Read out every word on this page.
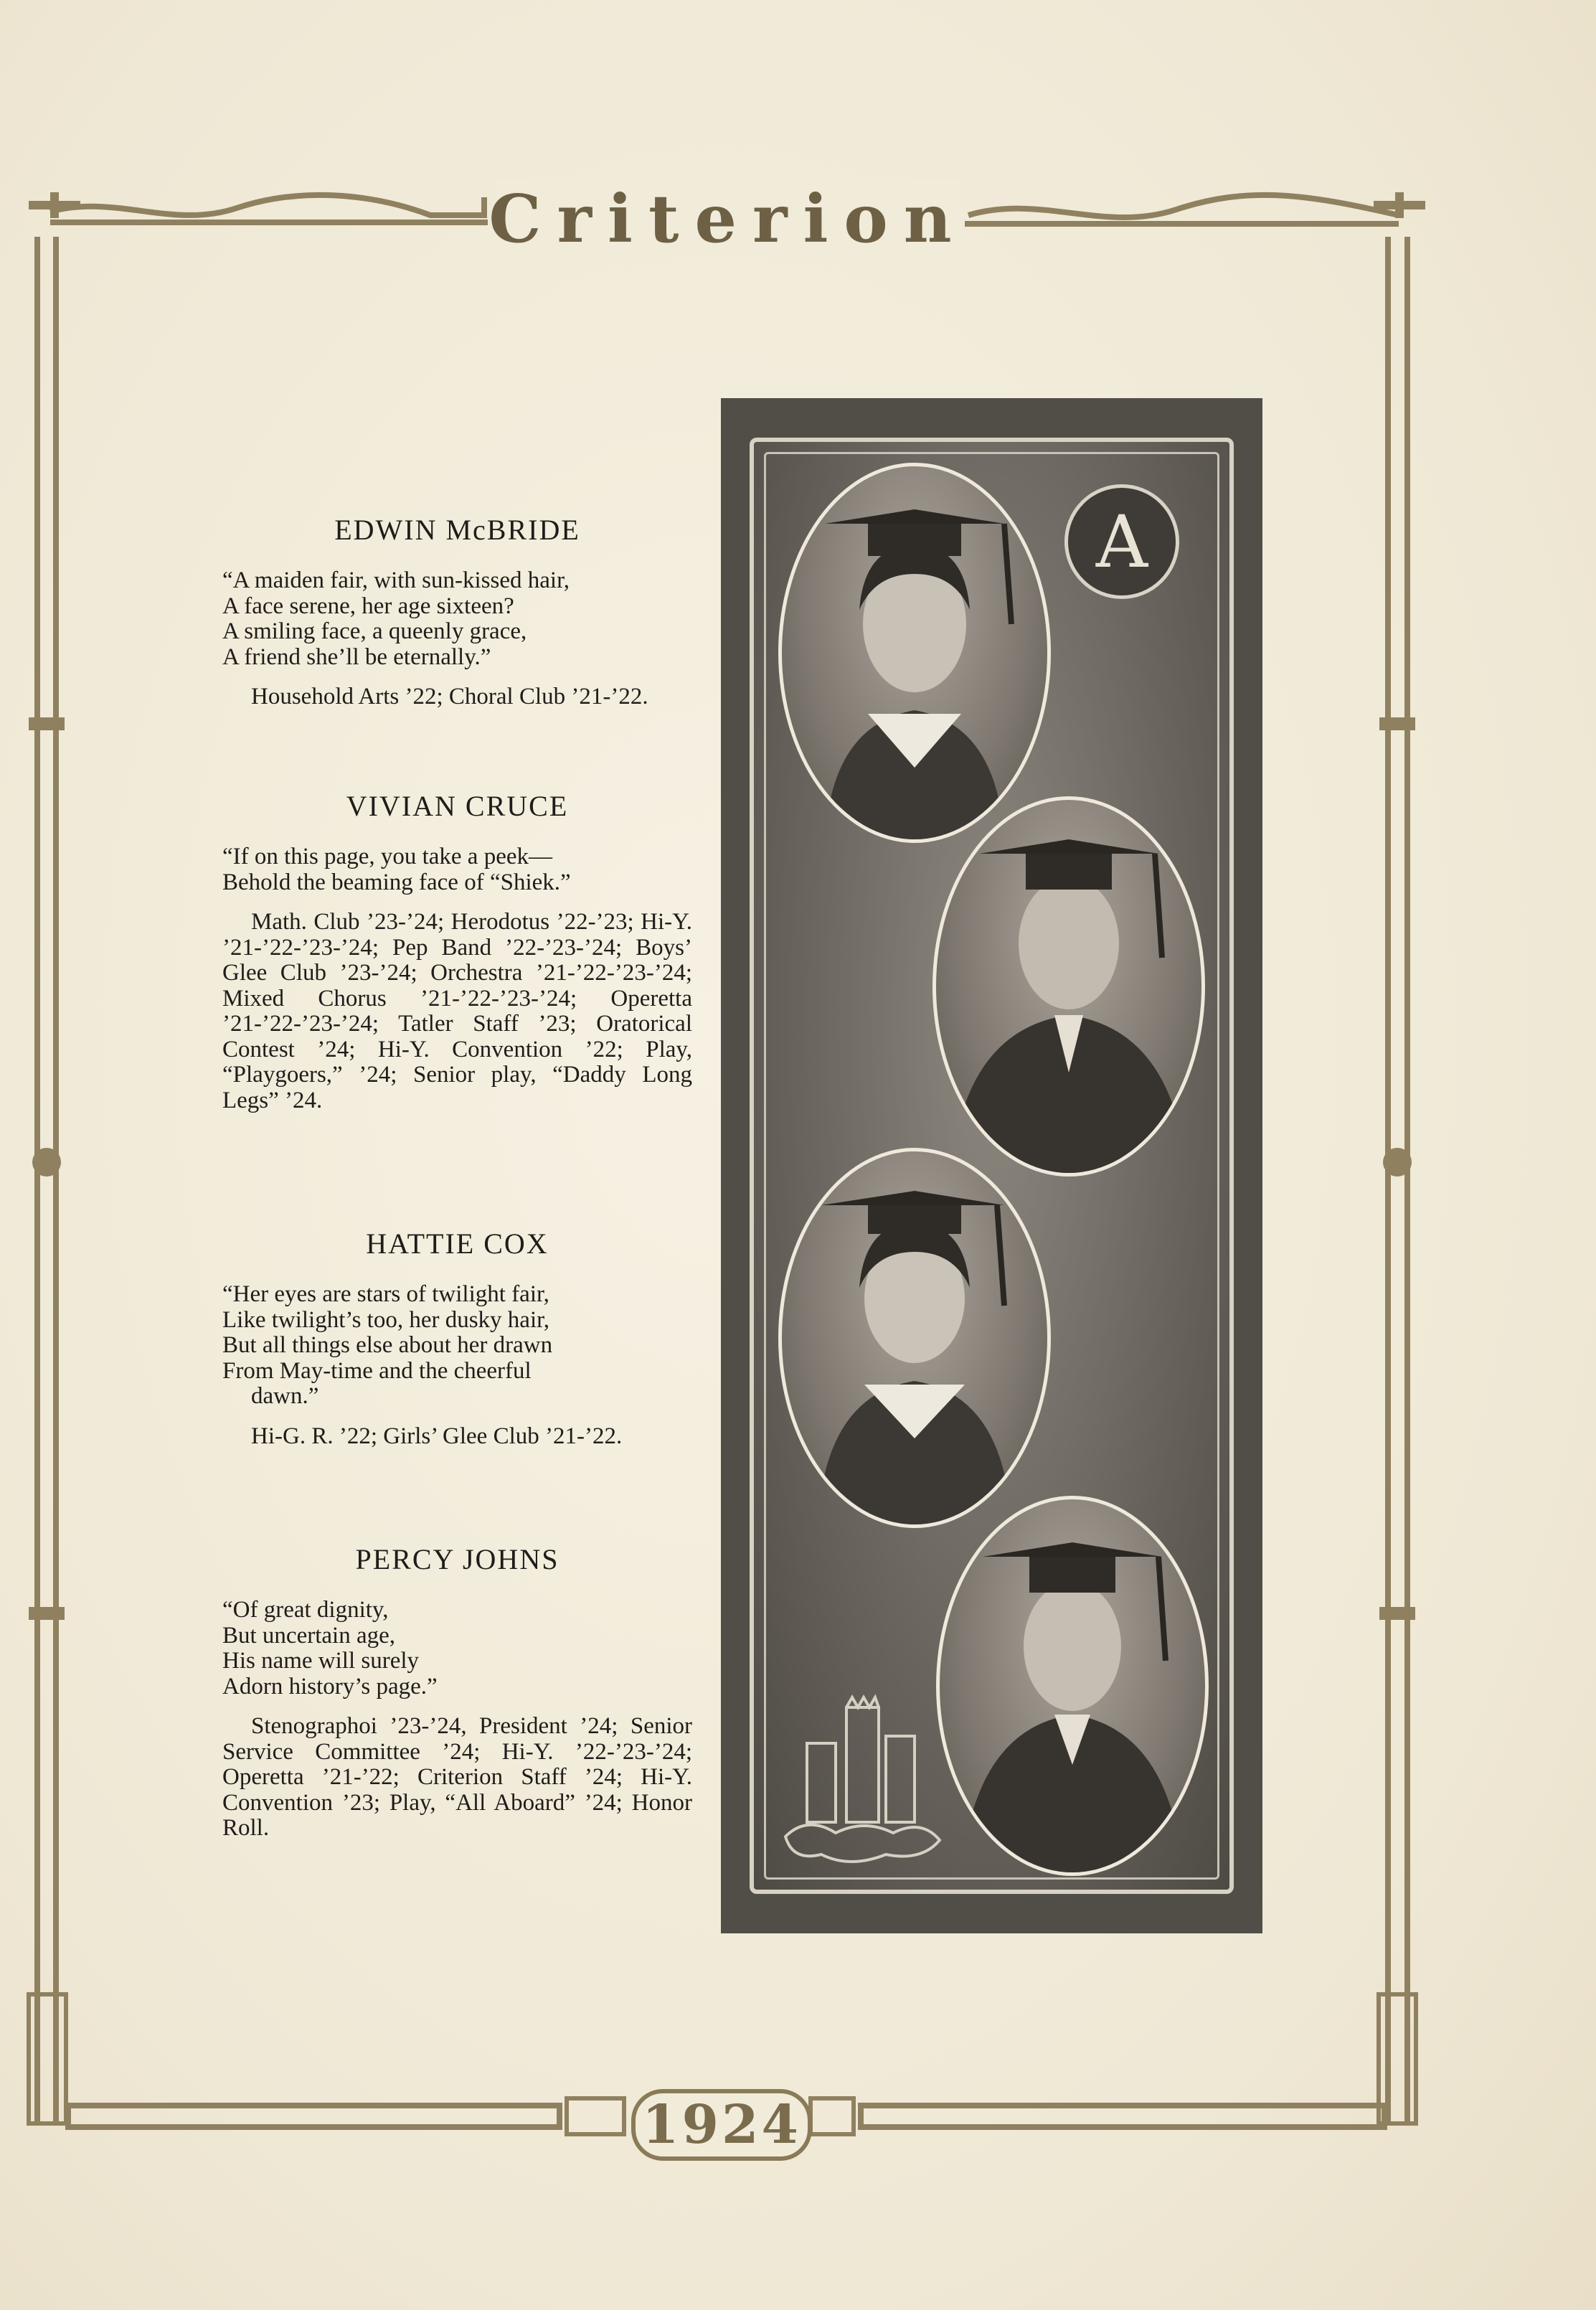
Criterion
1924
EDWIN McBRIDE
“A maiden fair, with sun-kissed hair,
A face serene, her age sixteen?
A smiling face, a queenly grace,
A friend she’ll be eternally.”

Household Arts ’22; Choral Club ’21-’22.

VIVIAN CRUCE
“If on this page, you take a peek—
Behold the beaming face of “Shiek.”

Math. Club ’23-’24; Herodotus ’22-’23; Hi-Y. ’21-’22-’23-’24; Pep Band ’22-’23-’24; Boys’ Glee Club ’23-’24; Orchestra ’21-’22-’23-’24; Mixed Chorus ’21-’22-’23-’24; Operetta ’21-’22-’23-’24; Tatler Staff ’23; Oratorical Contest ’24; Hi-Y. Convention ’22; Play, “Playgoers,” ’24; Senior play, “Daddy Long Legs” ’24.

HATTIE COX
“Her eyes are stars of twilight fair,
Like twilight’s too, her dusky hair,
But all things else about her drawn
From May-time and the cheerful
dawn.”

Hi-G. R. ’22; Girls’ Glee Club ’21-’22.

PERCY JOHNS
“Of great dignity,
But uncertain age,
His name will surely
Adorn history’s page.”

Stenographoi ’23-’24, President ’24; Senior Service Committee ’24; Hi-Y. ’22-’23-’24; Operetta ’21-’22; Criterion Staff ’24; Hi-Y. Convention ’23; Play, “All Aboard” ’24; Honor Roll.

A
